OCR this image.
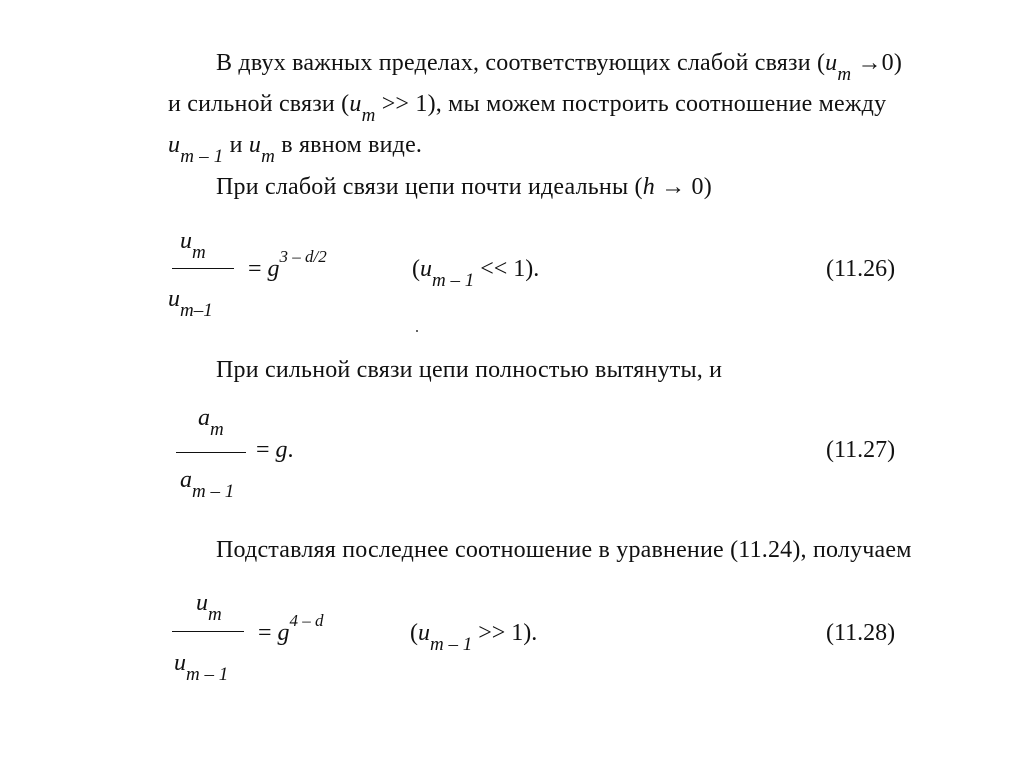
В двух важных пределах, соответствующих слабой связи $(u_m \to 0)$
и сильной связи $(u_m >> 1)$, мы можем построить соотношение между
$u_{m - 1}$ и $u_m$ в явном виде.
При слабой связи цепи почти идеальны (h → 0)
$u_m$
$u_{m-1}$
= $g^{3 - d/2}$	$(u_{m - 1} << 1)$.	(11.26)
При сильной связи цепи полностью вытянуты, и
$a_m$
$a_{m - 1}$
= g.	(11.27)
Подставляя последнее соотношение в уравнение (11.24), получаем
$u_m$
$u_{m - 1}$
= $g^{4 - d}$	$(u_{m - 1} >> 1)$.	(11.28)
